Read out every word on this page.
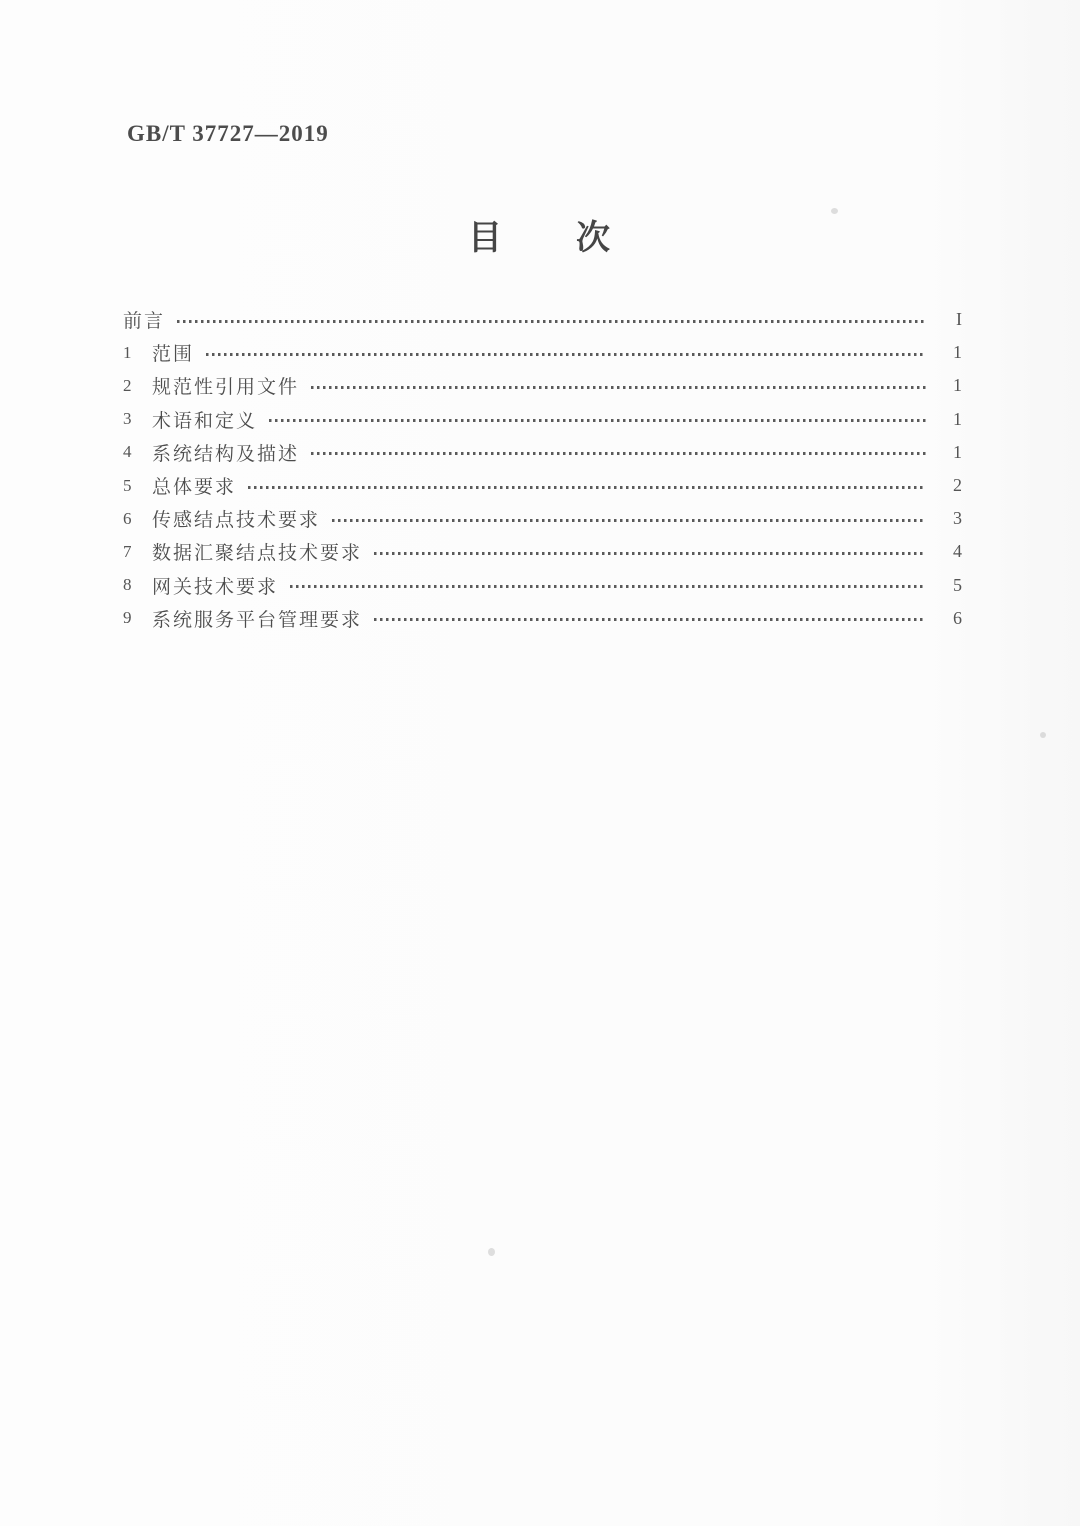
GB/T 37727—2019
目　　次
前言	I
1	范围	1
2	规范性引用文件	1
3	术语和定义	1
4	系统结构及描述	1
5	总体要求	2
6	传感结点技术要求	3
7	数据汇聚结点技术要求	4
8	网关技术要求	5
9	系统服务平台管理要求	6
